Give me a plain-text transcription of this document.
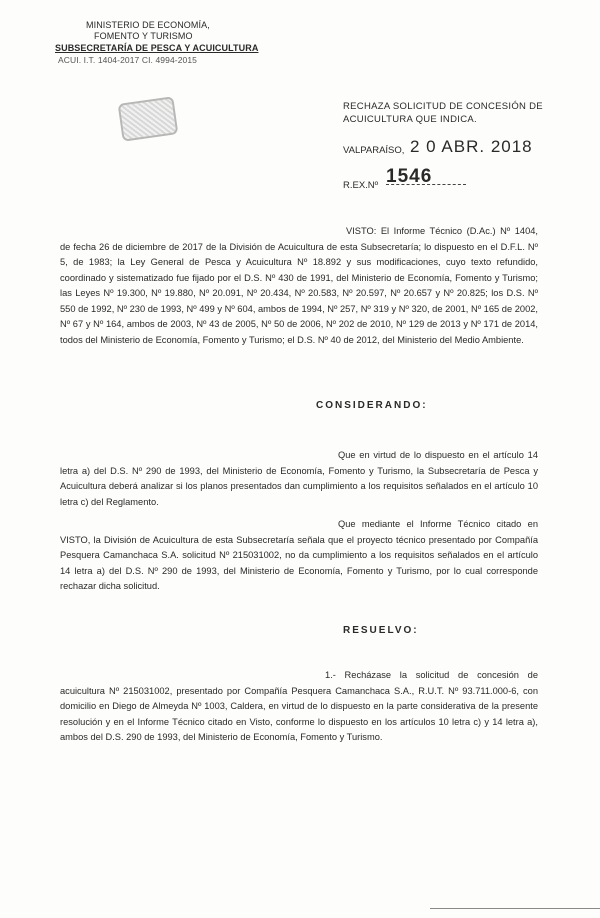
MINISTERIO DE ECONOMÍA,
FOMENTO Y TURISMO
SUBSECRETARÍA DE PESCA Y ACUICULTURA
ACUI. I.T. 1404-2017 CI. 4994-2015
RECHAZA SOLICITUD DE CONCESIÓN DE ACUICULTURA QUE INDICA.
VALPARAÍSO, 2 0 ABR. 2018
R.EX.Nº 1546
VISTO: El Informe Técnico (D.Ac.) Nº 1404, de fecha 26 de diciembre de 2017 de la División de Acuicultura de esta Subsecretaría; lo dispuesto en el D.F.L. Nº 5, de 1983; la Ley General de Pesca y Acuicultura Nº 18.892 y sus modificaciones, cuyo texto refundido, coordinado y sistematizado fue fijado por el D.S. Nº 430 de 1991, del Ministerio de Economía, Fomento y Turismo; las Leyes Nº 19.300, Nº 19.880, Nº 20.091, Nº 20.434, Nº 20.583, Nº 20.597, Nº 20.657 y Nº 20.825; los D.S. Nº 550 de 1992, Nº 230 de 1993, Nº 499 y Nº 604, ambos de 1994, Nº 257, Nº 319 y Nº 320, de 2001, Nº 165 de 2002, Nº 67 y Nº 164, ambos de 2003, Nº 43 de 2005, Nº 50 de 2006, Nº 202 de 2010, Nº 129 de 2013 y Nº 171 de 2014, todos del Ministerio de Economía, Fomento y Turismo; el D.S. Nº 40 de 2012, del Ministerio del Medio Ambiente.
CONSIDERANDO:
Que en virtud de lo dispuesto en el artículo 14 letra a) del D.S. Nº 290 de 1993, del Ministerio de Economía, Fomento y Turismo, la Subsecretaría de Pesca y Acuicultura deberá analizar si los planos presentados dan cumplimiento a los requisitos señalados en el artículo 10 letra c) del Reglamento.
Que mediante el Informe Técnico citado en VISTO, la División de Acuicultura de esta Subsecretaría señala que el proyecto técnico presentado por Compañía Pesquera Camanchaca S.A. solicitud Nº 215031002, no da cumplimiento a los requisitos señalados en el artículo 14 letra a) del D.S. Nº 290 de 1993, del Ministerio de Economía, Fomento y Turismo, por lo cual corresponde rechazar dicha solicitud.
RESUELVO:
1.- Recházase la solicitud de concesión de acuicultura Nº 215031002, presentado por Compañía Pesquera Camanchaca S.A., R.U.T. Nº 93.711.000-6, con domicilio en Diego de Almeyda Nº 1003, Caldera, en virtud de lo dispuesto en la parte considerativa de la presente resolución y en el Informe Técnico citado en Visto, conforme lo dispuesto en los artículos 10 letra c) y 14 letra a), ambos del D.S. 290 de 1993, del Ministerio de Economía, Fomento y Turismo.
